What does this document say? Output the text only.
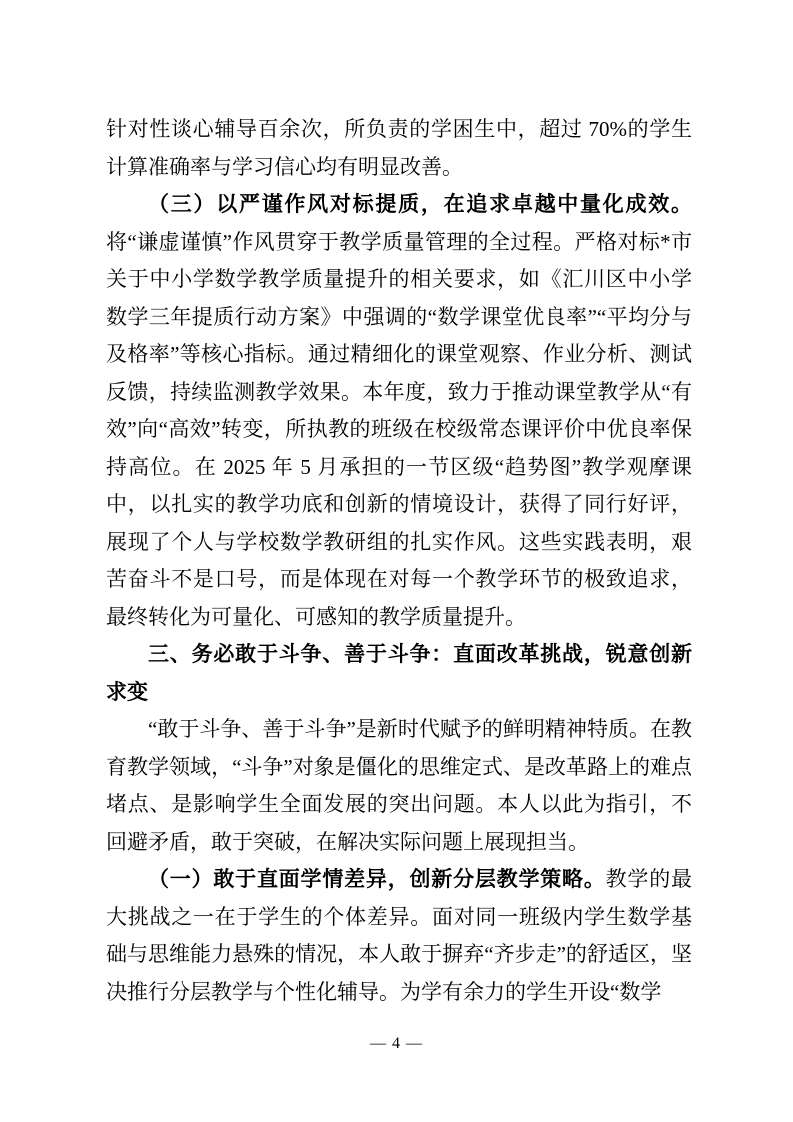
针对性谈心辅导百余次，所负责的学困生中，超过 70%的学生计算准确率与学习信心均有明显改善。

（三）以严谨作风对标提质，在追求卓越中量化成效。将“谦虚谨慎”作风贯穿于教学质量管理的全过程。严格对标*市关于中小学数学教学质量提升的相关要求，如《汇川区中小学数学三年提质行动方案》中强调的“数学课堂优良率”“平均分与及格率”等核心指标。通过精细化的课堂观察、作业分析、测试反馈，持续监测教学效果。本年度，致力于推动课堂教学从“有效”向“高效”转变，所执教的班级在校级常态课评价中优良率保持高位。在 2025 年 5 月承担的一节区级“趋势图”教学观摩课中，以扎实的教学功底和创新的情境设计，获得了同行好评，展现了个人与学校数学教研组的扎实作风。这些实践表明，艰苦奋斗不是口号，而是体现在对每一个教学环节的极致追求，最终转化为可量化、可感知的教学质量提升。

三、务必敢于斗争、善于斗争：直面改革挑战，锐意创新求变

“敢于斗争、善于斗争”是新时代赋予的鲜明精神特质。在教育教学领域，“斗争”对象是僵化的思维定式、是改革路上的难点堵点、是影响学生全面发展的突出问题。本人以此为指引，不回避矛盾，敢于突破，在解决实际问题上展现担当。

（一）敢于直面学情差异，创新分层教学策略。教学的最大挑战之一在于学生的个体差异。面对同一班级内学生数学基础与思维能力悬殊的情况，本人敢于摒弃“齐步走”的舒适区，坚决推行分层教学与个性化辅导。为学有余力的学生开设“数学

— 4 —
